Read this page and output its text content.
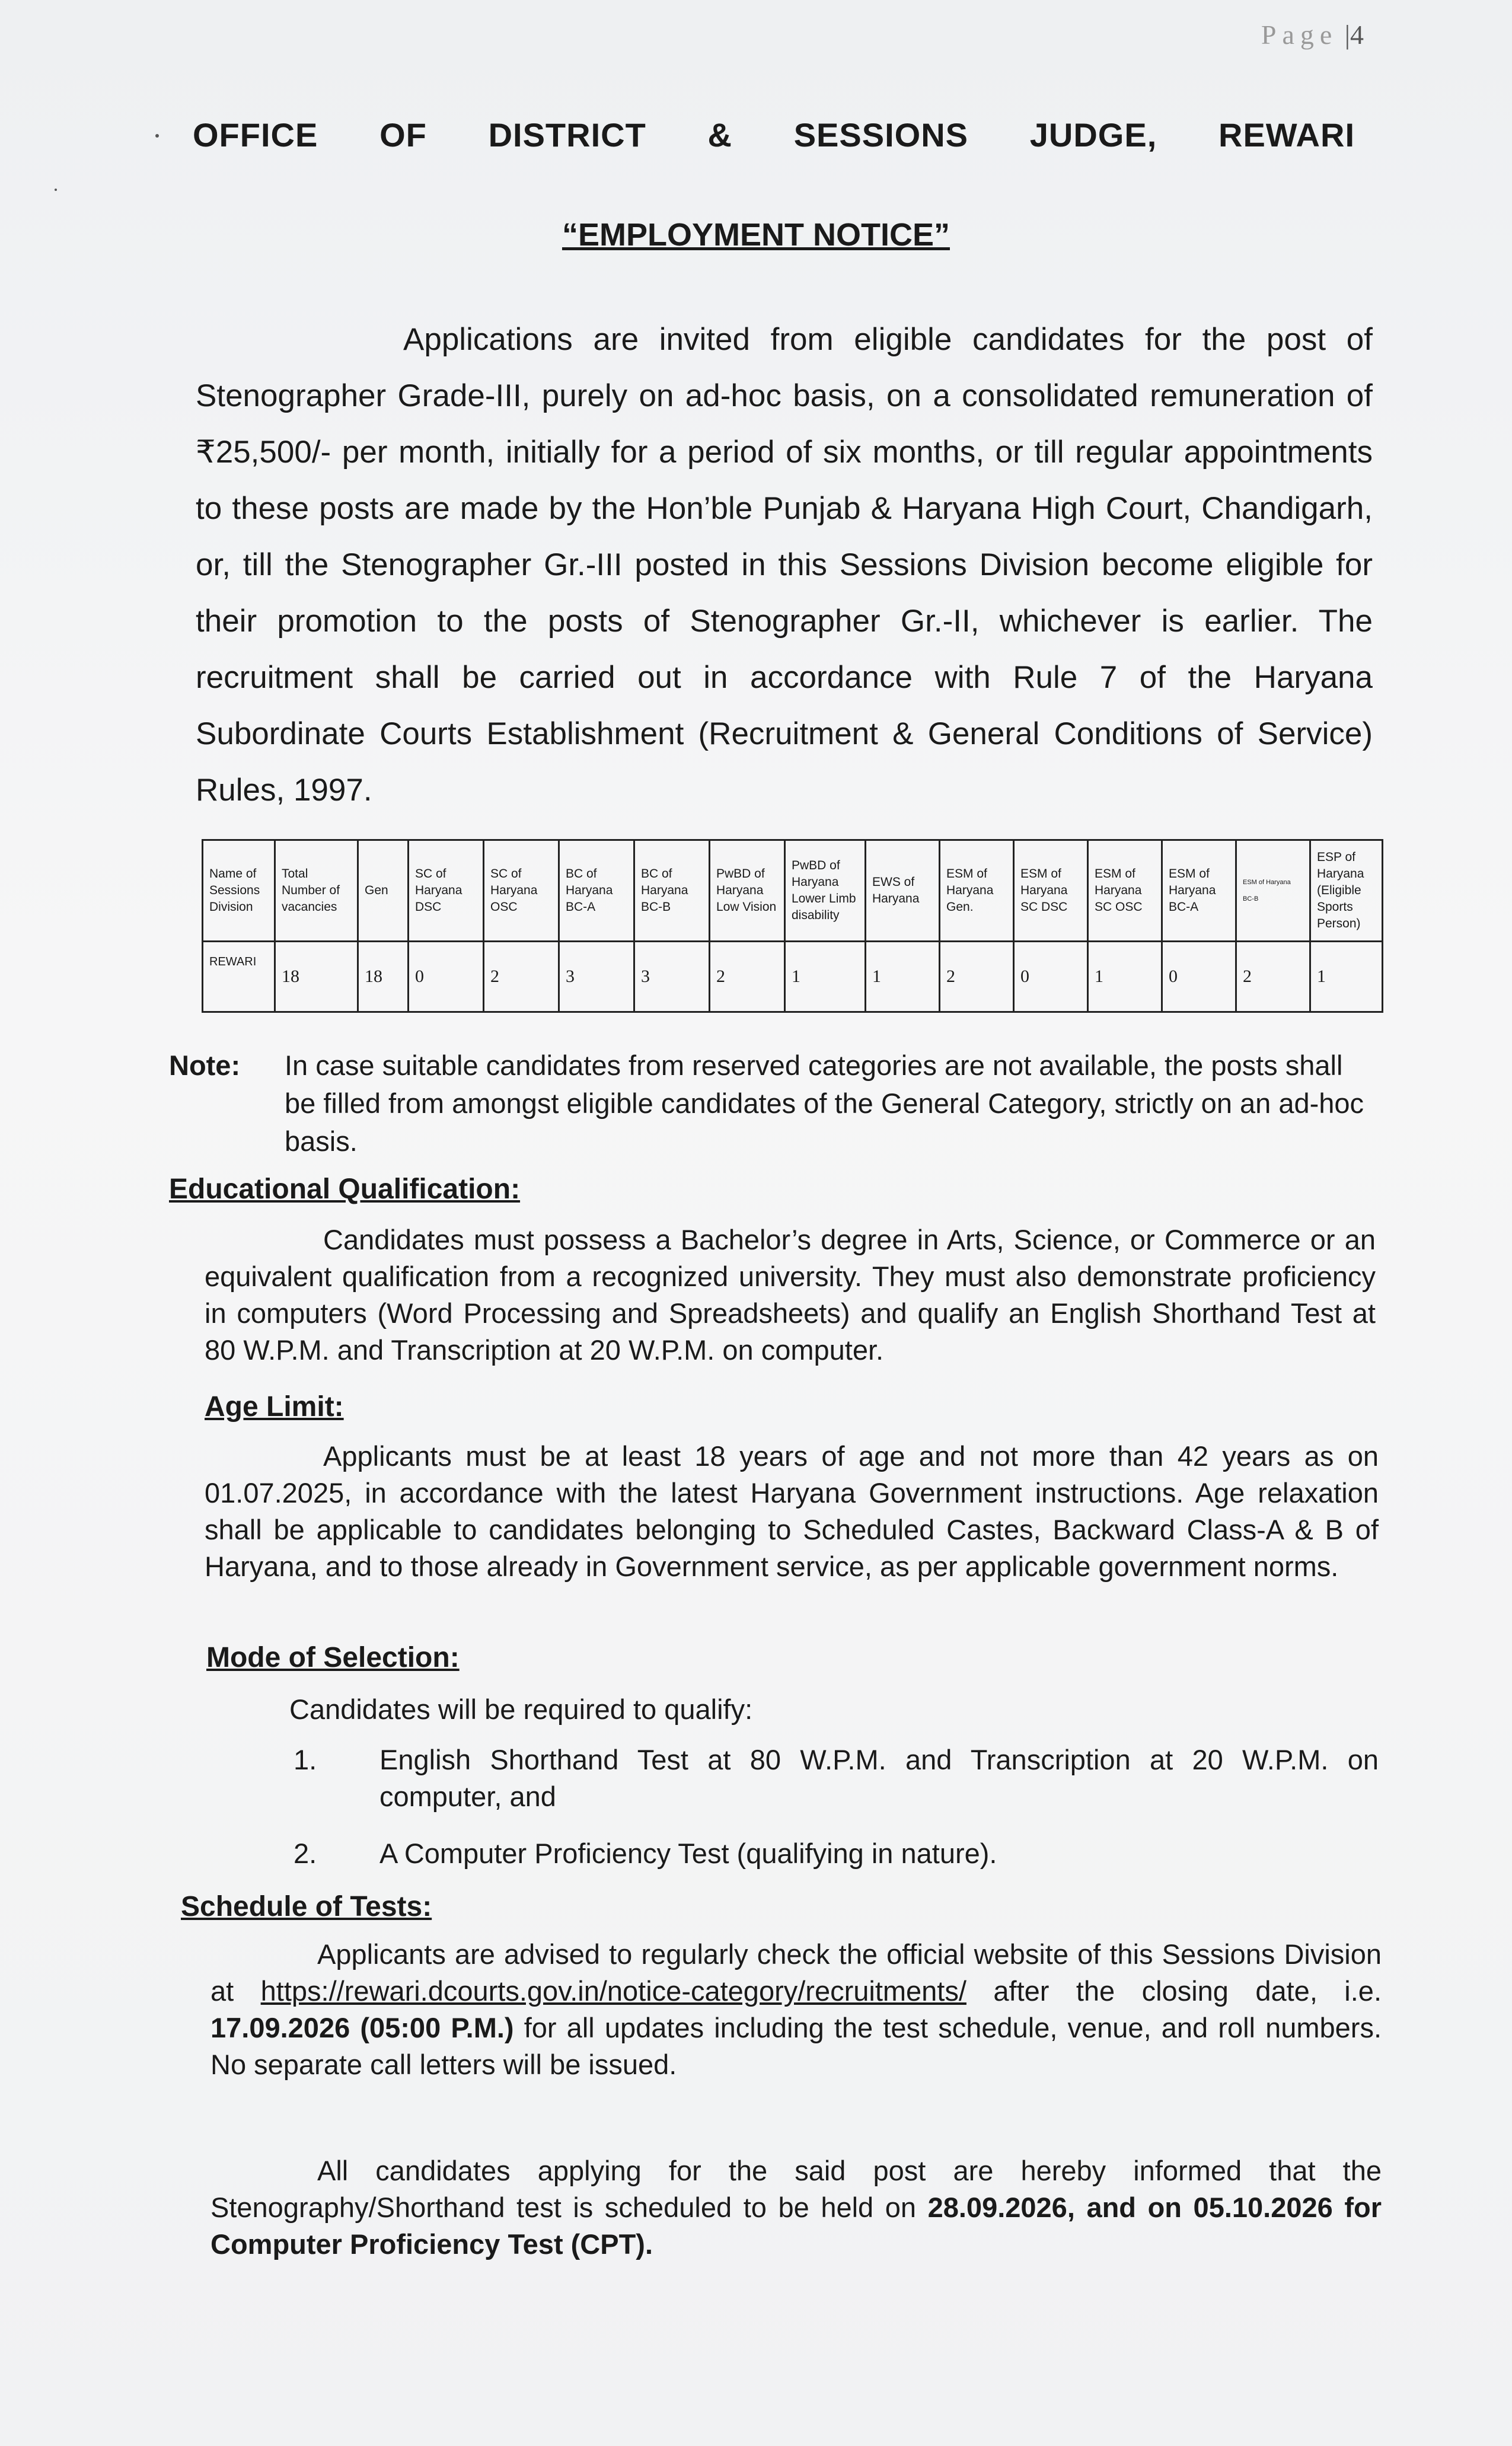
Page |4
OFFICE OF DISTRICT & SESSIONS JUDGE, REWARI
“EMPLOYMENT NOTICE”
Applications are invited from eligible candidates for the post of Stenographer Grade-III, purely on ad-hoc basis, on a consolidated remuneration of ₹25,500/- per month, initially for a period of six months, or till regular appointments to these posts are made by the Hon’ble Punjab & Haryana High Court, Chandigarh, or, till the Stenographer Gr.-III posted in this Sessions Division become eligible for their promotion to the posts of Stenographer Gr.-II, whichever is earlier. The recruitment shall be carried out in accordance with Rule 7 of the Haryana Subordinate Courts Establishment (Recruitment & General Conditions of Service) Rules, 1997.
Name of Sessions Division	Total Number of vacancies	Gen	SC of Haryana DSC	SC of Haryana OSC	BC of Haryana BC-A	BC of Haryana BC-B	PwBD of Haryana Low Vision	PwBD of Haryana Lower Limb disability	EWS of Haryana	ESM of Haryana Gen.	ESM of Haryana SC DSC	ESM of Haryana SC OSC	ESM of Haryana BC-A	ESM of Haryana BC-B	ESP of Haryana (Eligible Sports Person)
REWARI	18	18	0	2	3	3	2	1	1	2	0	1	0	2	1
Note:	In case suitable candidates from reserved categories are not available, the posts shall be filled from amongst eligible candidates of the General Category, strictly on an ad-hoc basis.
Educational Qualification:
Candidates must possess a Bachelor’s degree in Arts, Science, or Commerce or an equivalent qualification from a recognized university. They must also demonstrate proficiency in computers (Word Processing and Spreadsheets) and qualify an English Shorthand Test at 80 W.P.M. and Transcription at 20 W.P.M. on computer.
Age Limit:
Applicants must be at least 18 years of age and not more than 42 years as on 01.07.2025, in accordance with the latest Haryana Government instructions. Age relaxation shall be applicable to candidates belonging to Scheduled Castes, Backward Class-A & B of Haryana, and to those already in Government service, as per applicable government norms.
Mode of Selection:
Candidates will be required to qualify:
1.	English Shorthand Test at 80 W.P.M. and Transcription at 20 W.P.M. on computer, and
2.	A Computer Proficiency Test (qualifying in nature).
Schedule of Tests:
Applicants are advised to regularly check the official website of this Sessions Division at https://rewari.dcourts.gov.in/notice-category/recruitments/ after the closing date, i.e. 17.09.2026 (05:00 P.M.) for all updates including the test schedule, venue, and roll numbers. No separate call letters will be issued.
All candidates applying for the said post are hereby informed that the Stenography/Shorthand test is scheduled to be held on 28.09.2026, and on 05.10.2026 for Computer Proficiency Test (CPT).
